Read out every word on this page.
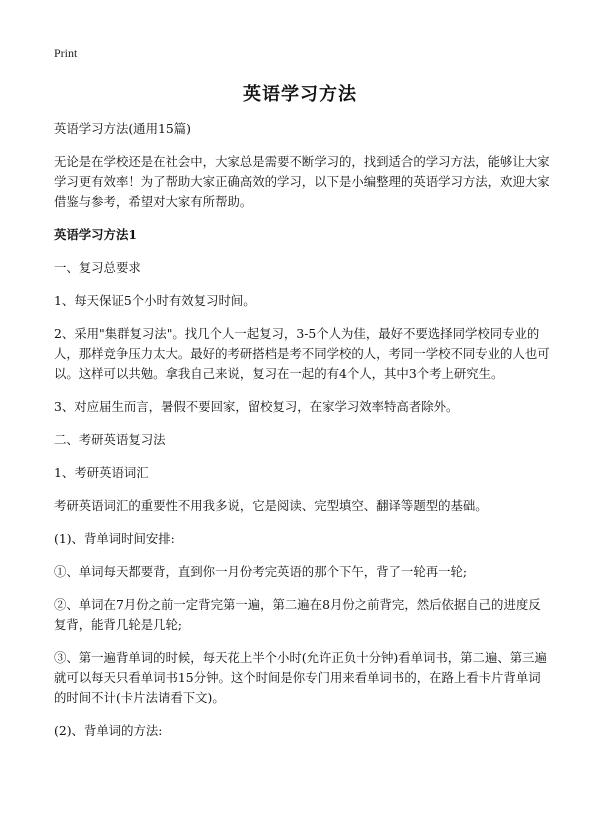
Print
英语学习方法

英语学习方法(通用15篇)

无论是在学校还是在社会中，大家总是需要不断学习的，找到适合的学习方法，能够让大家学习更有效率！为了帮助大家正确高效的学习，以下是小编整理的英语学习方法，欢迎大家借鉴与参考，希望对大家有所帮助。

英语学习方法1

一、复习总要求

1、每天保证5个小时有效复习时间。

2、采用"集群复习法"。找几个人一起复习，3-5个人为佳，最好不要选择同学校同专业的人，那样竞争压力太大。最好的考研搭档是考不同学校的人，考同一学校不同专业的人也可以。这样可以共勉。拿我自己来说，复习在一起的有4个人，其中3个考上研究生。

3、对应届生而言，暑假不要回家，留校复习，在家学习效率特高者除外。

二、考研英语复习法

1、考研英语词汇

考研英语词汇的重要性不用我多说，它是阅读、完型填空、翻译等题型的基础。

(1)、背单词时间安排:

①、单词每天都要背，直到你一月份考完英语的那个下午，背了一轮再一轮;

②、单词在7月份之前一定背完第一遍，第二遍在8月份之前背完，然后依据自己的进度反复背，能背几轮是几轮;

③、第一遍背单词的时候，每天花上半个小时(允许正负十分钟)看单词书，第二遍、第三遍就可以每天只看单词书15分钟。这个时间是你专门用来看单词书的，在路上看卡片背单词的时间不计(卡片法请看下文)。

(2)、背单词的方法:
